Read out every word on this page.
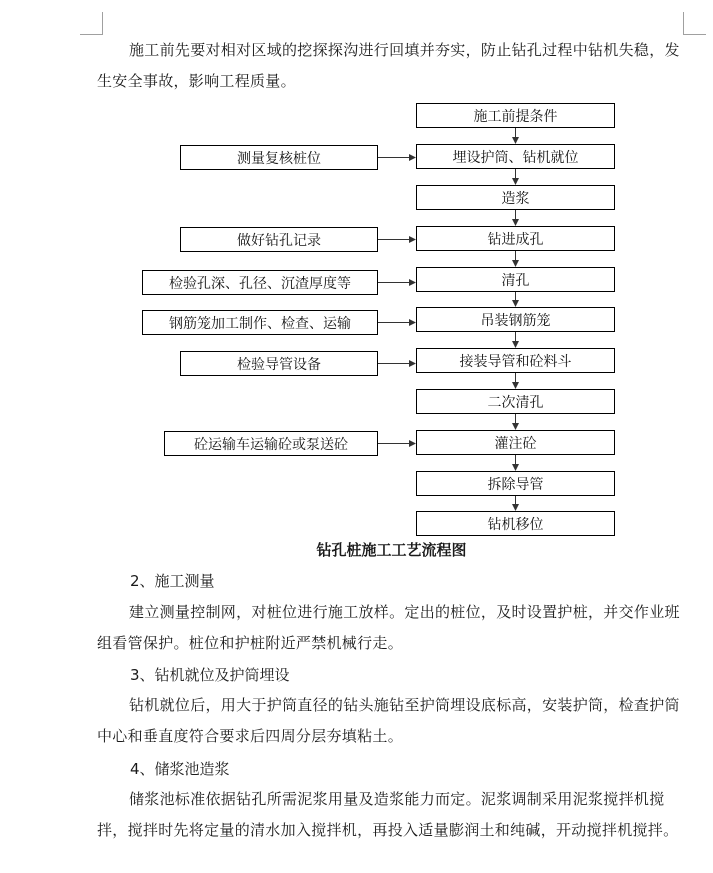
施工前先要对相对区域的挖探探沟进行回填并夯实，防止钻孔过程中钻机失稳，发生安全事故，影响工程质量。

施工前提条件
埋设护筒、钻机就位
造浆
钻进成孔
清孔
吊装钢筋笼
接装导管和砼料斗
二次清孔
灌注砼
拆除导管
钻机移位
测量复核桩位
做好钻孔记录
检验孔深、孔径、沉渣厚度等
钢筋笼加工制作、检查、运输
检验导管设备
砼运输车运输砼或泵送砼

钻孔桩施工工艺流程图

2、施工测量

建立测量控制网，对桩位进行施工放样。定出的桩位，及时设置护桩，并交作业班组看管保护。桩位和护桩附近严禁机械行走。

3、钻机就位及护筒埋设

钻机就位后，用大于护筒直径的钻头施钻至护筒埋设底标高，安装护筒，检查护筒中心和垂直度符合要求后四周分层夯填粘土。

4、储浆池造浆

储浆池标准依据钻孔所需泥浆用量及造浆能力而定。泥浆调制采用泥浆搅拌机搅拌，搅拌时先将定量的清水加入搅拌机，再投入适量膨润土和纯碱，开动搅拌机搅拌。
